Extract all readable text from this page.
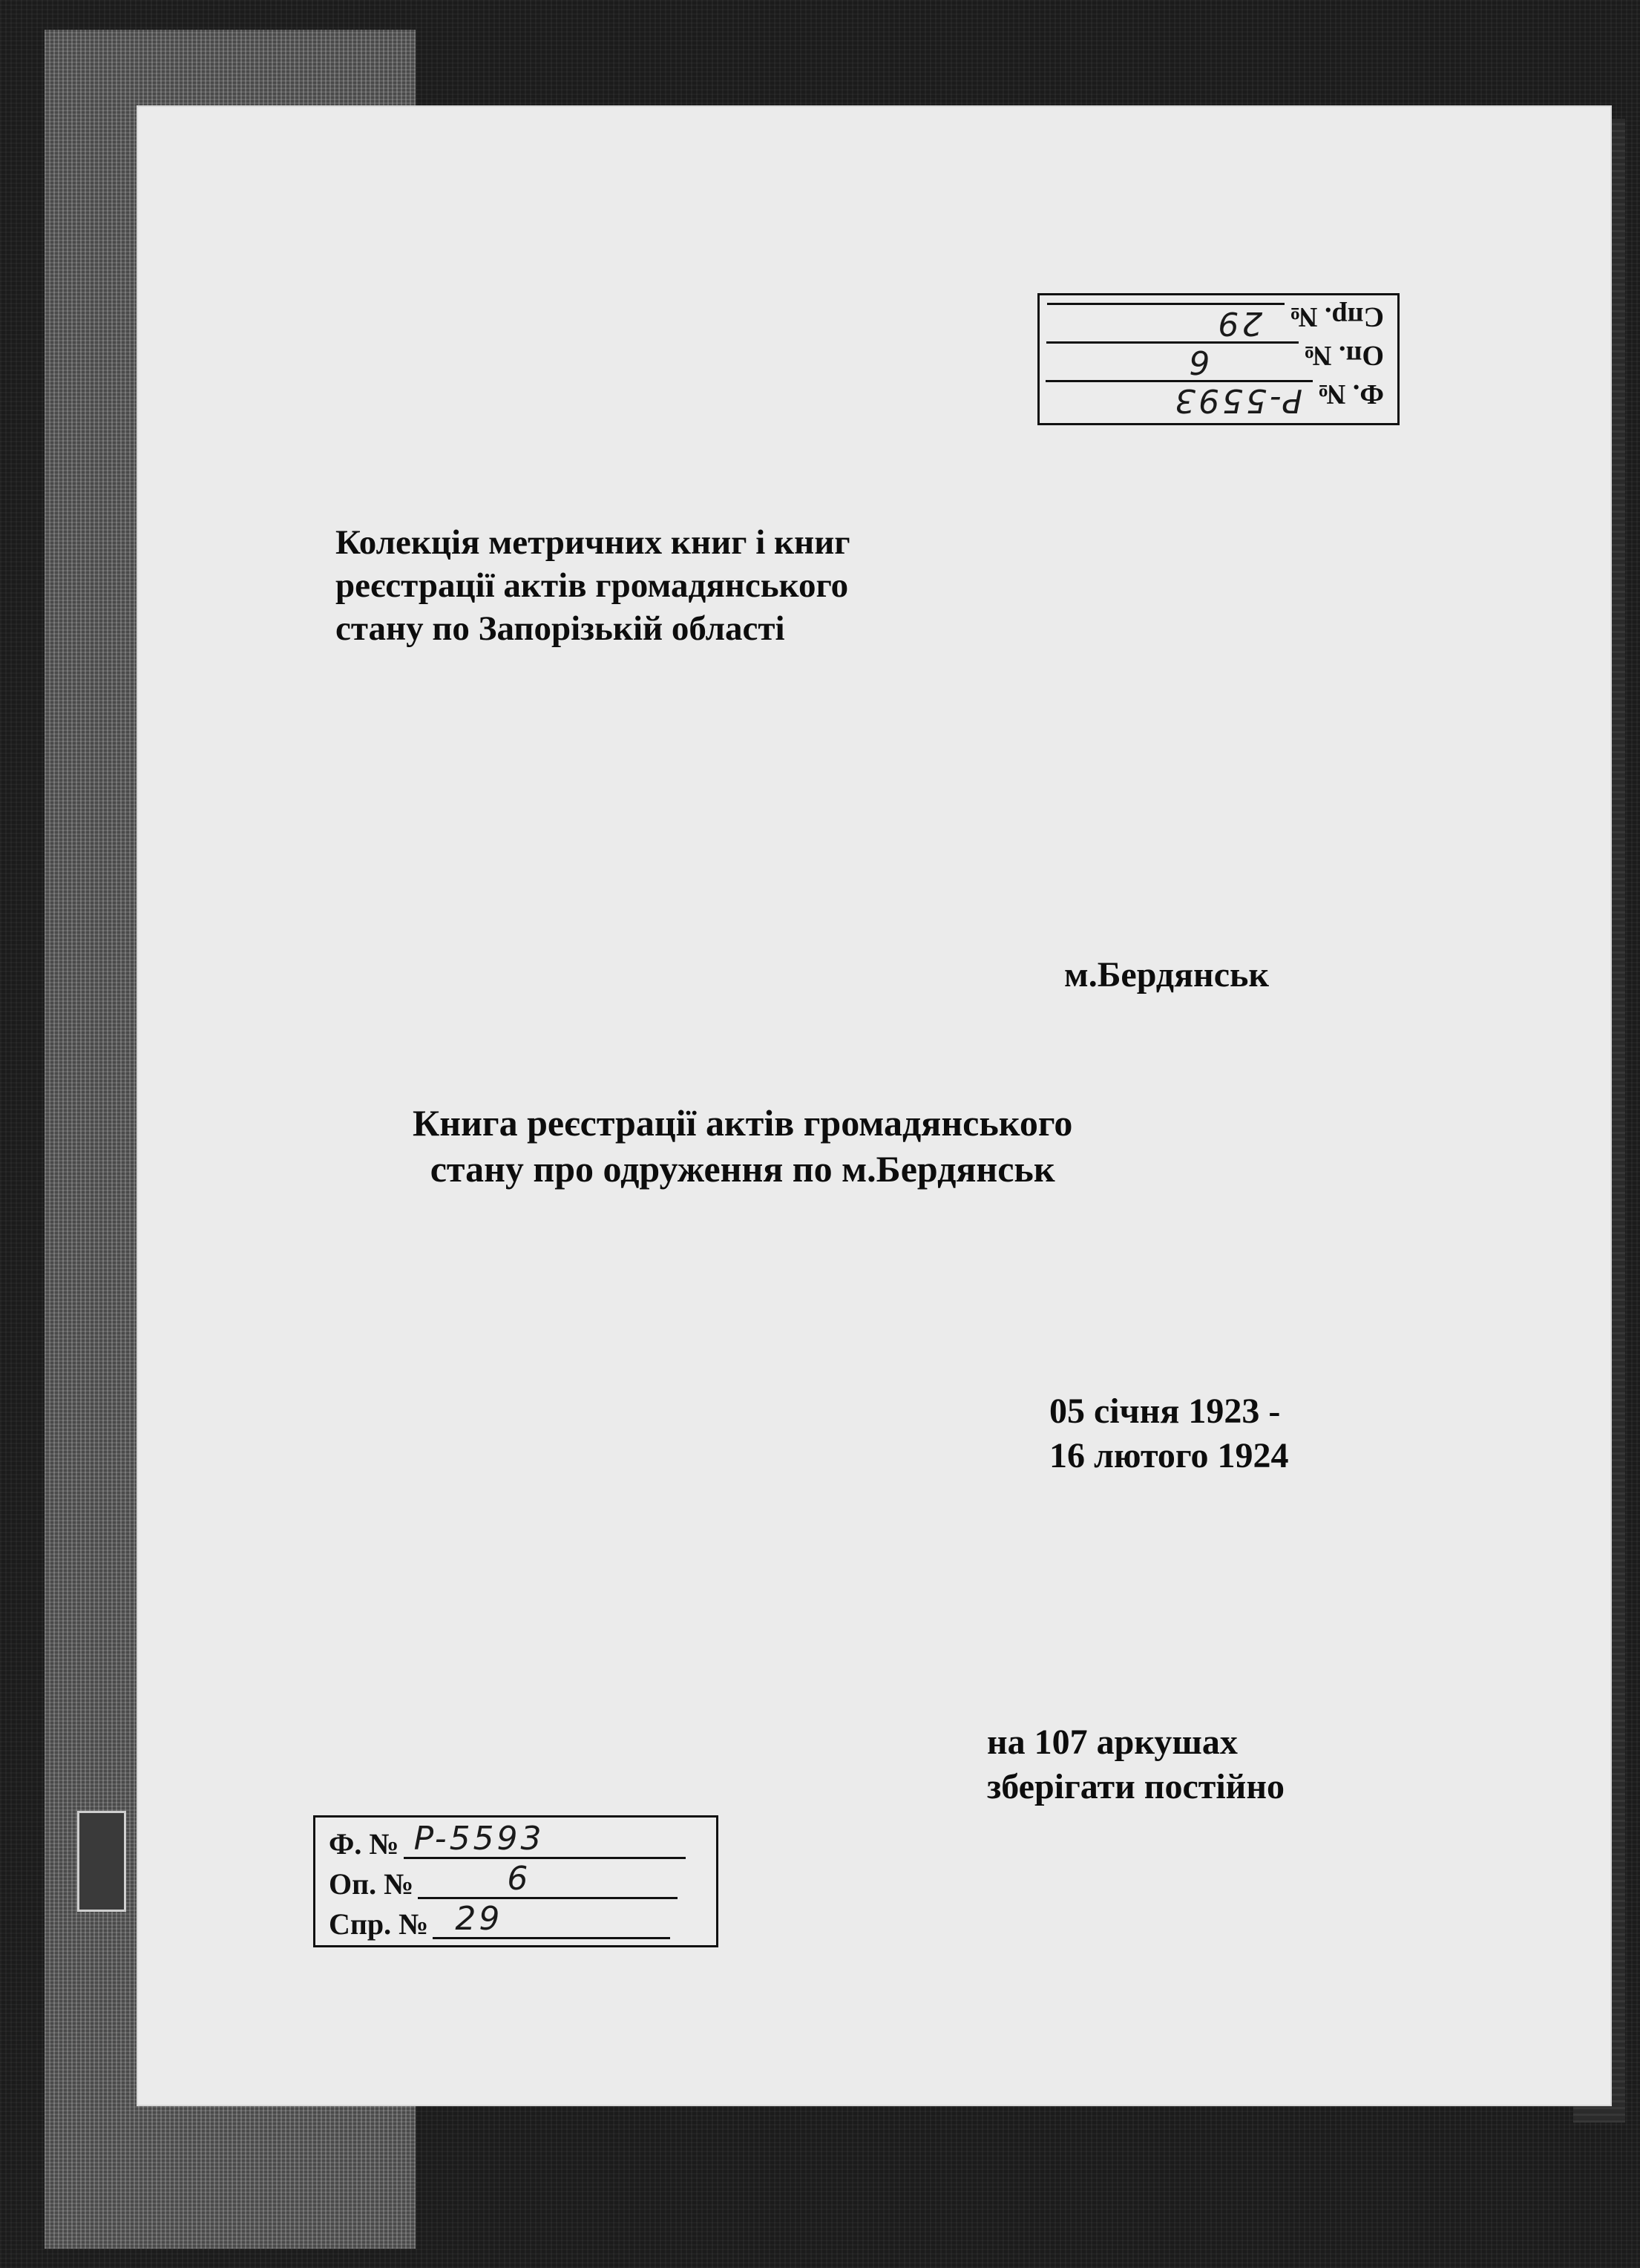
Ф. №
P-5593
Оп. №
6
Спр. №
29
Колекція метричних книг і книг
реєстрації актів громадянського
стану по Запорізькій області
м.Бердянськ
Книга реєстрації актів громадянського
стану про одруження по м.Бердянськ
05 січня 1923 -
16 лютого 1924
на 107 аркушах
зберігати постійно
Ф. № P-5593
Оп. №	6
Спр. № 29
